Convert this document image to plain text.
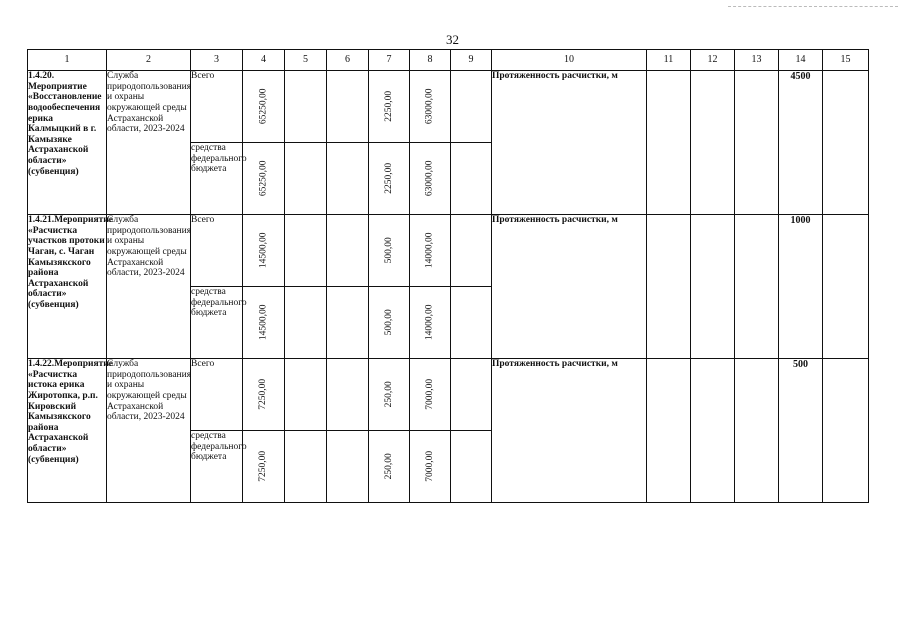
32
1	2	3	4	5	6	7	8	9	10	11	12	13	14	15
1.4.20. Мероприятие «Восстановление водообеспечения ерика Калмыцкий в г. Камызяке Астраханской области» (субвенция)	Служба природопользования и охраны окружающей среды Астраханской области, 2023-2024	Всего	65250,00			2250,00	63000,00		Протяженность расчистки, м				4500	
		средства федерального бюджета	65250,00			2250,00	63000,00							
1.4.21.Мероприятие «Расчистка участков протоки Чаган, с. Чаган Камызякского района Астраханской области» (субвенция)	Служба природопользования и охраны окружающей среды Астраханской области, 2023-2024	Всего	14500,00			500,00	14000,00		Протяженность расчистки, м				1000	
		средства федерального бюджета	14500,00			500,00	14000,00							
1.4.22.Мероприятие «Расчистка истока ерика Жиротопка, р.п. Кировский Камызякского района Астраханской области» (субвенция)	Служба природопользования и охраны окружающей среды Астраханской области, 2023-2024	Всего	7250,00			250,00	7000,00		Протяженность расчистки, м				500	
		средства федерального бюджета	7250,00			250,00	7000,00							
